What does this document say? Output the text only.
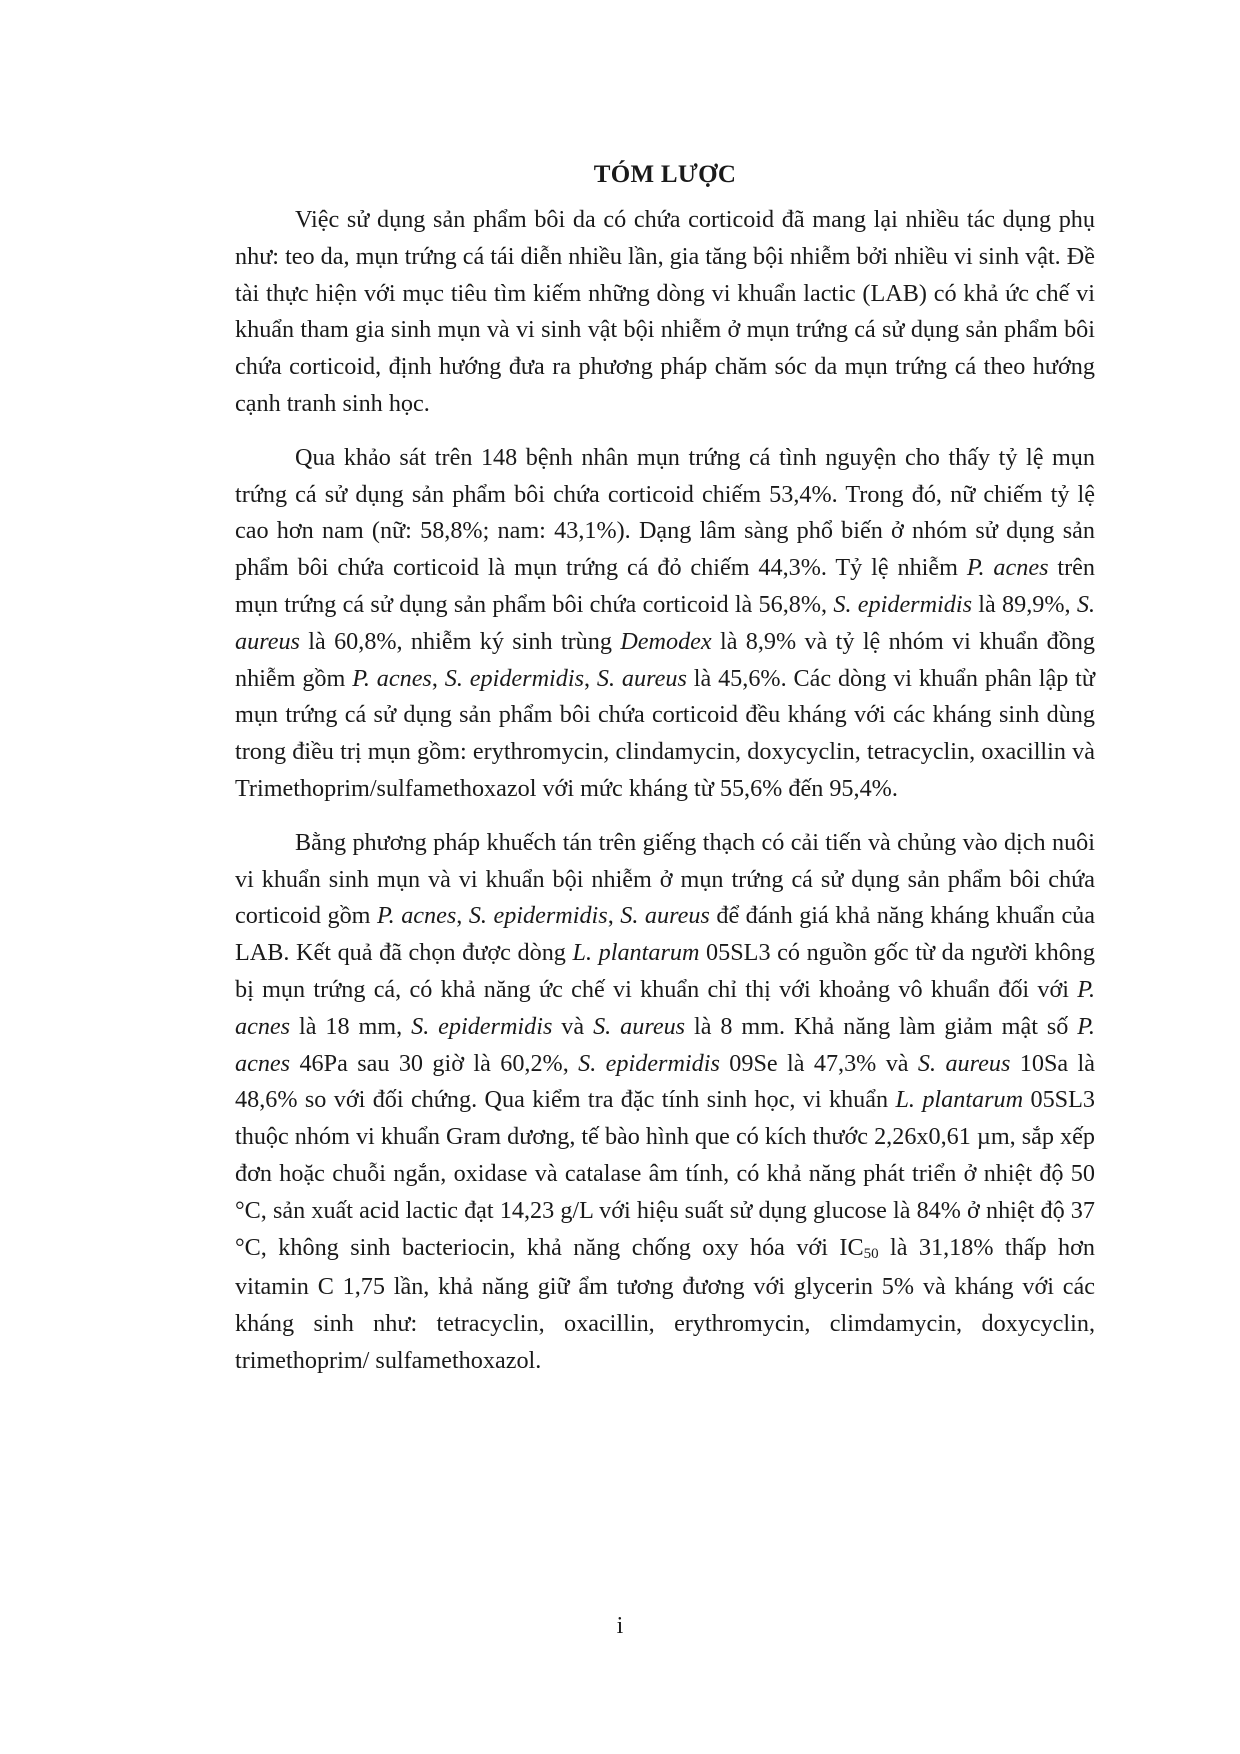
TÓM LƯỢC

Việc sử dụng sản phẩm bôi da có chứa corticoid đã mang lại nhiều tác dụng phụ như: teo da, mụn trứng cá tái diễn nhiều lần, gia tăng bội nhiễm bởi nhiều vi sinh vật. Đề tài thực hiện với mục tiêu tìm kiếm những dòng vi khuẩn lactic (LAB) có khả ức chế vi khuẩn tham gia sinh mụn và vi sinh vật bội nhiễm ở mụn trứng cá sử dụng sản phẩm bôi chứa corticoid, định hướng đưa ra phương pháp chăm sóc da mụn trứng cá theo hướng cạnh tranh sinh học.

Qua khảo sát trên 148 bệnh nhân mụn trứng cá tình nguyện cho thấy tỷ lệ mụn trứng cá sử dụng sản phẩm bôi chứa corticoid chiếm 53,4%. Trong đó, nữ chiếm tỷ lệ cao hơn nam (nữ: 58,8%; nam: 43,1%). Dạng lâm sàng phổ biến ở nhóm sử dụng sản phẩm bôi chứa corticoid là mụn trứng cá đỏ chiếm 44,3%. Tỷ lệ nhiễm P. acnes trên mụn trứng cá sử dụng sản phẩm bôi chứa corticoid là 56,8%, S. epidermidis là 89,9%, S. aureus là 60,8%, nhiễm ký sinh trùng Demodex là 8,9% và tỷ lệ nhóm vi khuẩn đồng nhiễm gồm P. acnes, S. epidermidis, S. aureus là 45,6%. Các dòng vi khuẩn phân lập từ mụn trứng cá sử dụng sản phẩm bôi chứa corticoid đều kháng với các kháng sinh dùng trong điều trị mụn gồm: erythromycin, clindamycin, doxycyclin, tetracyclin, oxacillin và Trimethoprim/sulfamethoxazol với mức kháng từ 55,6% đến 95,4%.

Bằng phương pháp khuếch tán trên giếng thạch có cải tiến và chủng vào dịch nuôi vi khuẩn sinh mụn và vi khuẩn bội nhiễm ở mụn trứng cá sử dụng sản phẩm bôi chứa corticoid gồm P. acnes, S. epidermidis, S. aureus để đánh giá khả năng kháng khuẩn của LAB. Kết quả đã chọn được dòng L. plantarum 05SL3 có nguồn gốc từ da người không bị mụn trứng cá, có khả năng ức chế vi khuẩn chỉ thị với khoảng vô khuẩn đối với P. acnes là 18 mm, S. epidermidis và S. aureus là 8 mm. Khả năng làm giảm mật số P. acnes 46Pa sau 30 giờ là 60,2%, S. epidermidis 09Se là 47,3% và S. aureus 10Sa là 48,6% so với đối chứng. Qua kiểm tra đặc tính sinh học, vi khuẩn L. plantarum 05SL3 thuộc nhóm vi khuẩn Gram dương, tế bào hình que có kích thước 2,26x0,61 µm, sắp xếp đơn hoặc chuỗi ngắn, oxidase và catalase âm tính, có khả năng phát triển ở nhiệt độ 50 °C, sản xuất acid lactic đạt 14,23 g/L với hiệu suất sử dụng glucose là 84% ở nhiệt độ 37 °C, không sinh bacteriocin, khả năng chống oxy hóa với $IC_{50}$ là 31,18% thấp hơn vitamin C 1,75 lần, khả năng giữ ẩm tương đương với glycerin 5% và kháng với các kháng sinh như: tetracyclin, oxacillin, erythromycin, climdamycin, doxycyclin, trimethoprim/ sulfamethoxazol.

i
